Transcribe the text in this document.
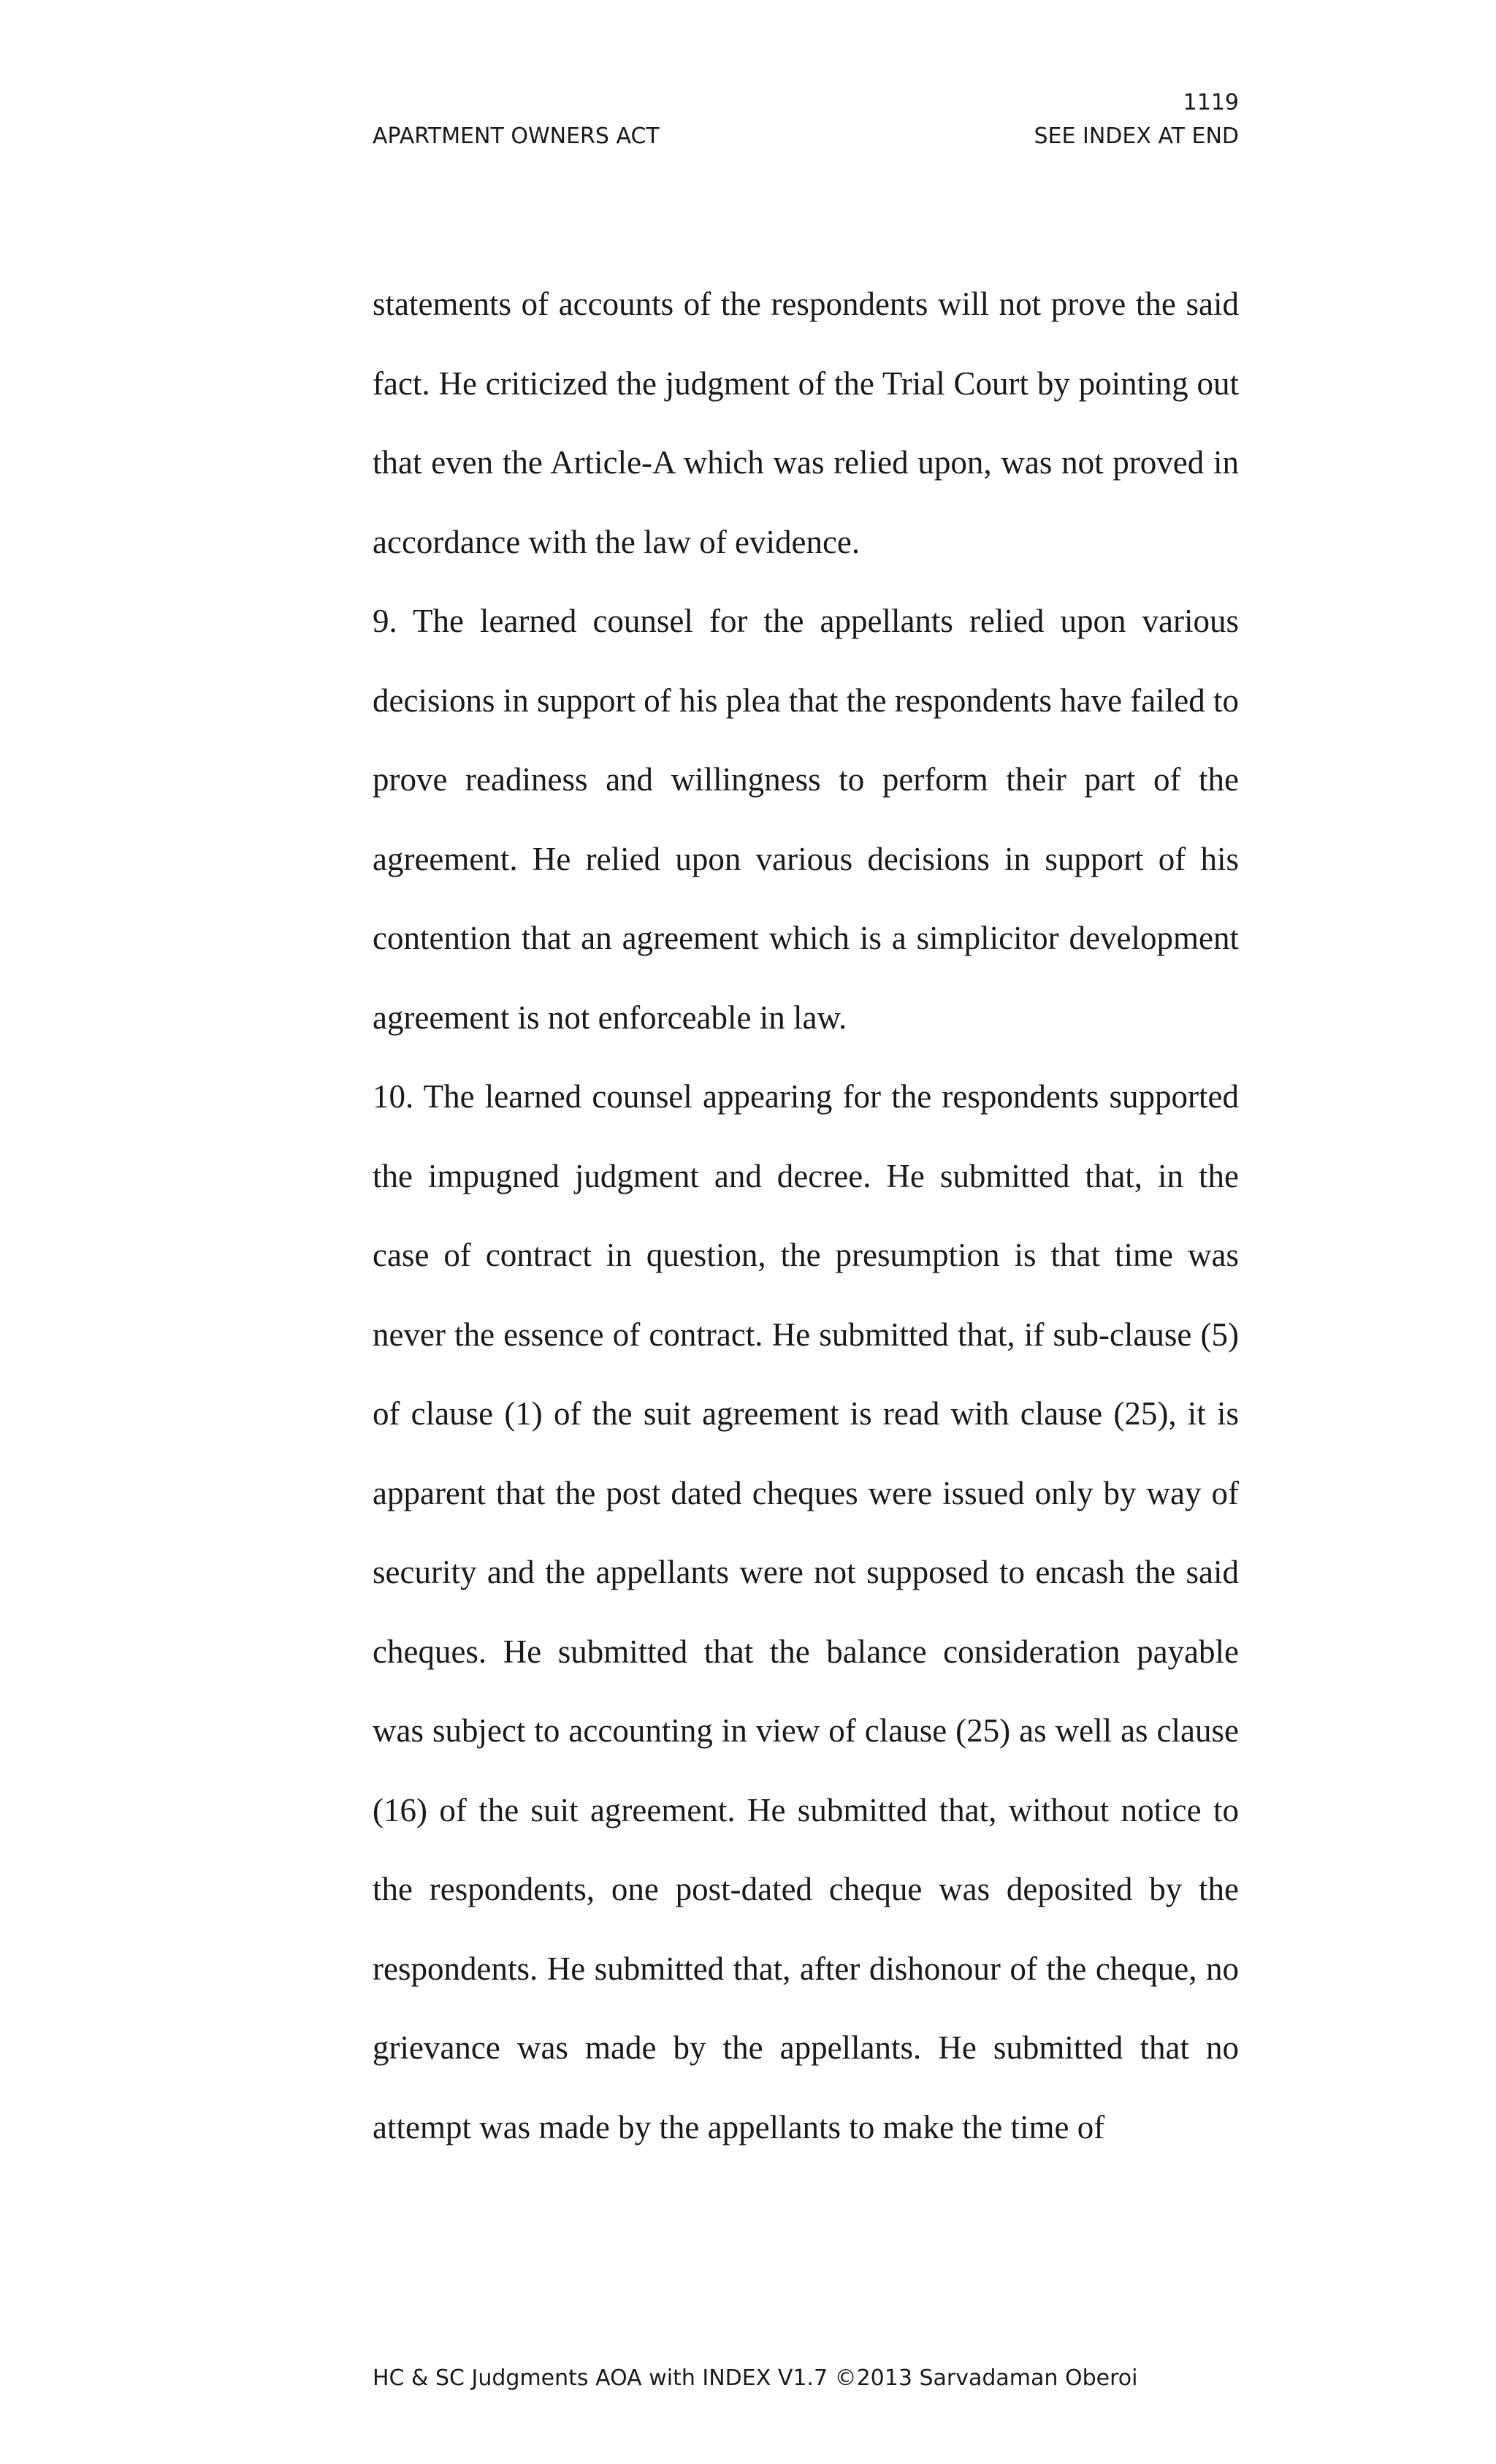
1119
APARTMENT OWNERS ACT	SEE INDEX AT END

statements of accounts of the respondents will not prove the said fact. He criticized the judgment of the Trial Court by pointing out that even the Article-A which was relied upon, was not proved in accordance with the law of evidence.

9. The learned counsel for the appellants relied upon various decisions in support of his plea that the respondents have failed to prove readiness and willingness to perform their part of the agreement. He relied upon various decisions in support of his contention that an agreement which is a simplicitor development agreement is not enforceable in law.

10. The learned counsel appearing for the respondents supported the impugned judgment and decree. He submitted that, in the case of contract in question, the presumption is that time was never the essence of contract. He submitted that, if sub-clause (5) of clause (1) of the suit agreement is read with clause (25), it is apparent that the post dated cheques were issued only by way of security and the appellants were not supposed to encash the said cheques. He submitted that the balance consideration payable was subject to accounting in view of clause (25) as well as clause (16) of the suit agreement. He submitted that, without notice to the respondents, one post-dated cheque was deposited by the respondents. He submitted that, after dishonour of the cheque, no grievance was made by the appellants. He submitted that no attempt was made by the appellants to make the time of

HC & SC Judgments AOA with INDEX V1.7 ©2013 Sarvadaman Oberoi
